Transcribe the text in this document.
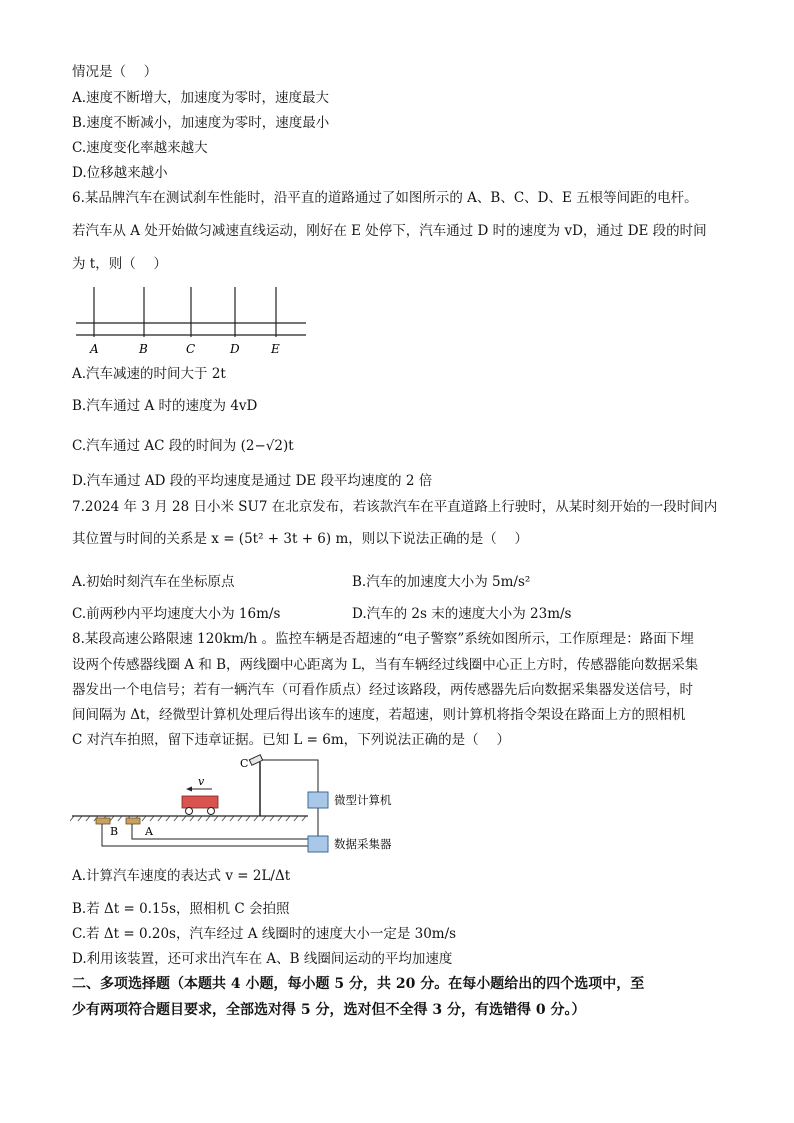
情况是（　 ）
A.速度不断增大，加速度为零时，速度最大
B.速度不断减小，加速度为零时，速度最小
C.速度变化率越来越大
D.位移越来越小
6.某品牌汽车在测试刹车性能时，沿平直的道路通过了如图所示的 A、B、C、D、E 五根等间距的电杆。
若汽车从 A 处开始做匀减速直线运动，刚好在 E 处停下，汽车通过 D 时的速度为 vD，通过 DE 段的时间
为 t，则（　 ）
A	B	C	D	E
A.汽车减速的时间大于 2t
B.汽车通过 A 时的速度为 4vD
C.汽车通过 AC 段的时间为 (2−√2)t
D.汽车通过 AD 段的平均速度是通过 DE 段平均速度的 2 倍
7.2024 年 3 月 28 日小米 SU7 在北京发布，若该款汽车在平直道路上行驶时，从某时刻开始的一段时间内
其位置与时间的关系是 x = (5t² + 3t + 6) m，则以下说法正确的是（　 ）
A.初始时刻汽车在坐标原点	B.汽车的加速度大小为 5m/s²
C.前两秒内平均速度大小为 16m/s	D.汽车的 2s 末的速度大小为 23m/s
8.某段高速公路限速 120km/h 。监控车辆是否超速的“电子警察”系统如图所示，工作原理是：路面下埋
设两个传感器线圈 A 和 B，两线圈中心距离为 L，当有车辆经过线圈中心正上方时，传感器能向数据采集
器发出一个电信号；若有一辆汽车（可看作质点）经过该路段，两传感器先后向数据采集器发送信号，时
间间隔为 Δt，经微型计算机处理后得出该车的速度，若超速，则计算机将指令架设在路面上方的照相机
C 对汽车拍照，留下违章证据。已知 L = 6m，下列说法正确的是（　 ）
v
B A
C
微型计算机
数据采集器
A.计算汽车速度的表达式 v = 2L/Δt
B.若 Δt = 0.15s，照相机 C 会拍照
C.若 Δt = 0.20s，汽车经过 A 线圈时的速度大小一定是 30m/s
D.利用该装置，还可求出汽车在 A、B 线圈间运动的平均加速度
二、多项选择题（本题共 4 小题，每小题 5 分，共 20 分。在每小题给出的四个选项中，至
少有两项符合题目要求，全部选对得 5 分，选对但不全得 3 分，有选错得 0 分。）
